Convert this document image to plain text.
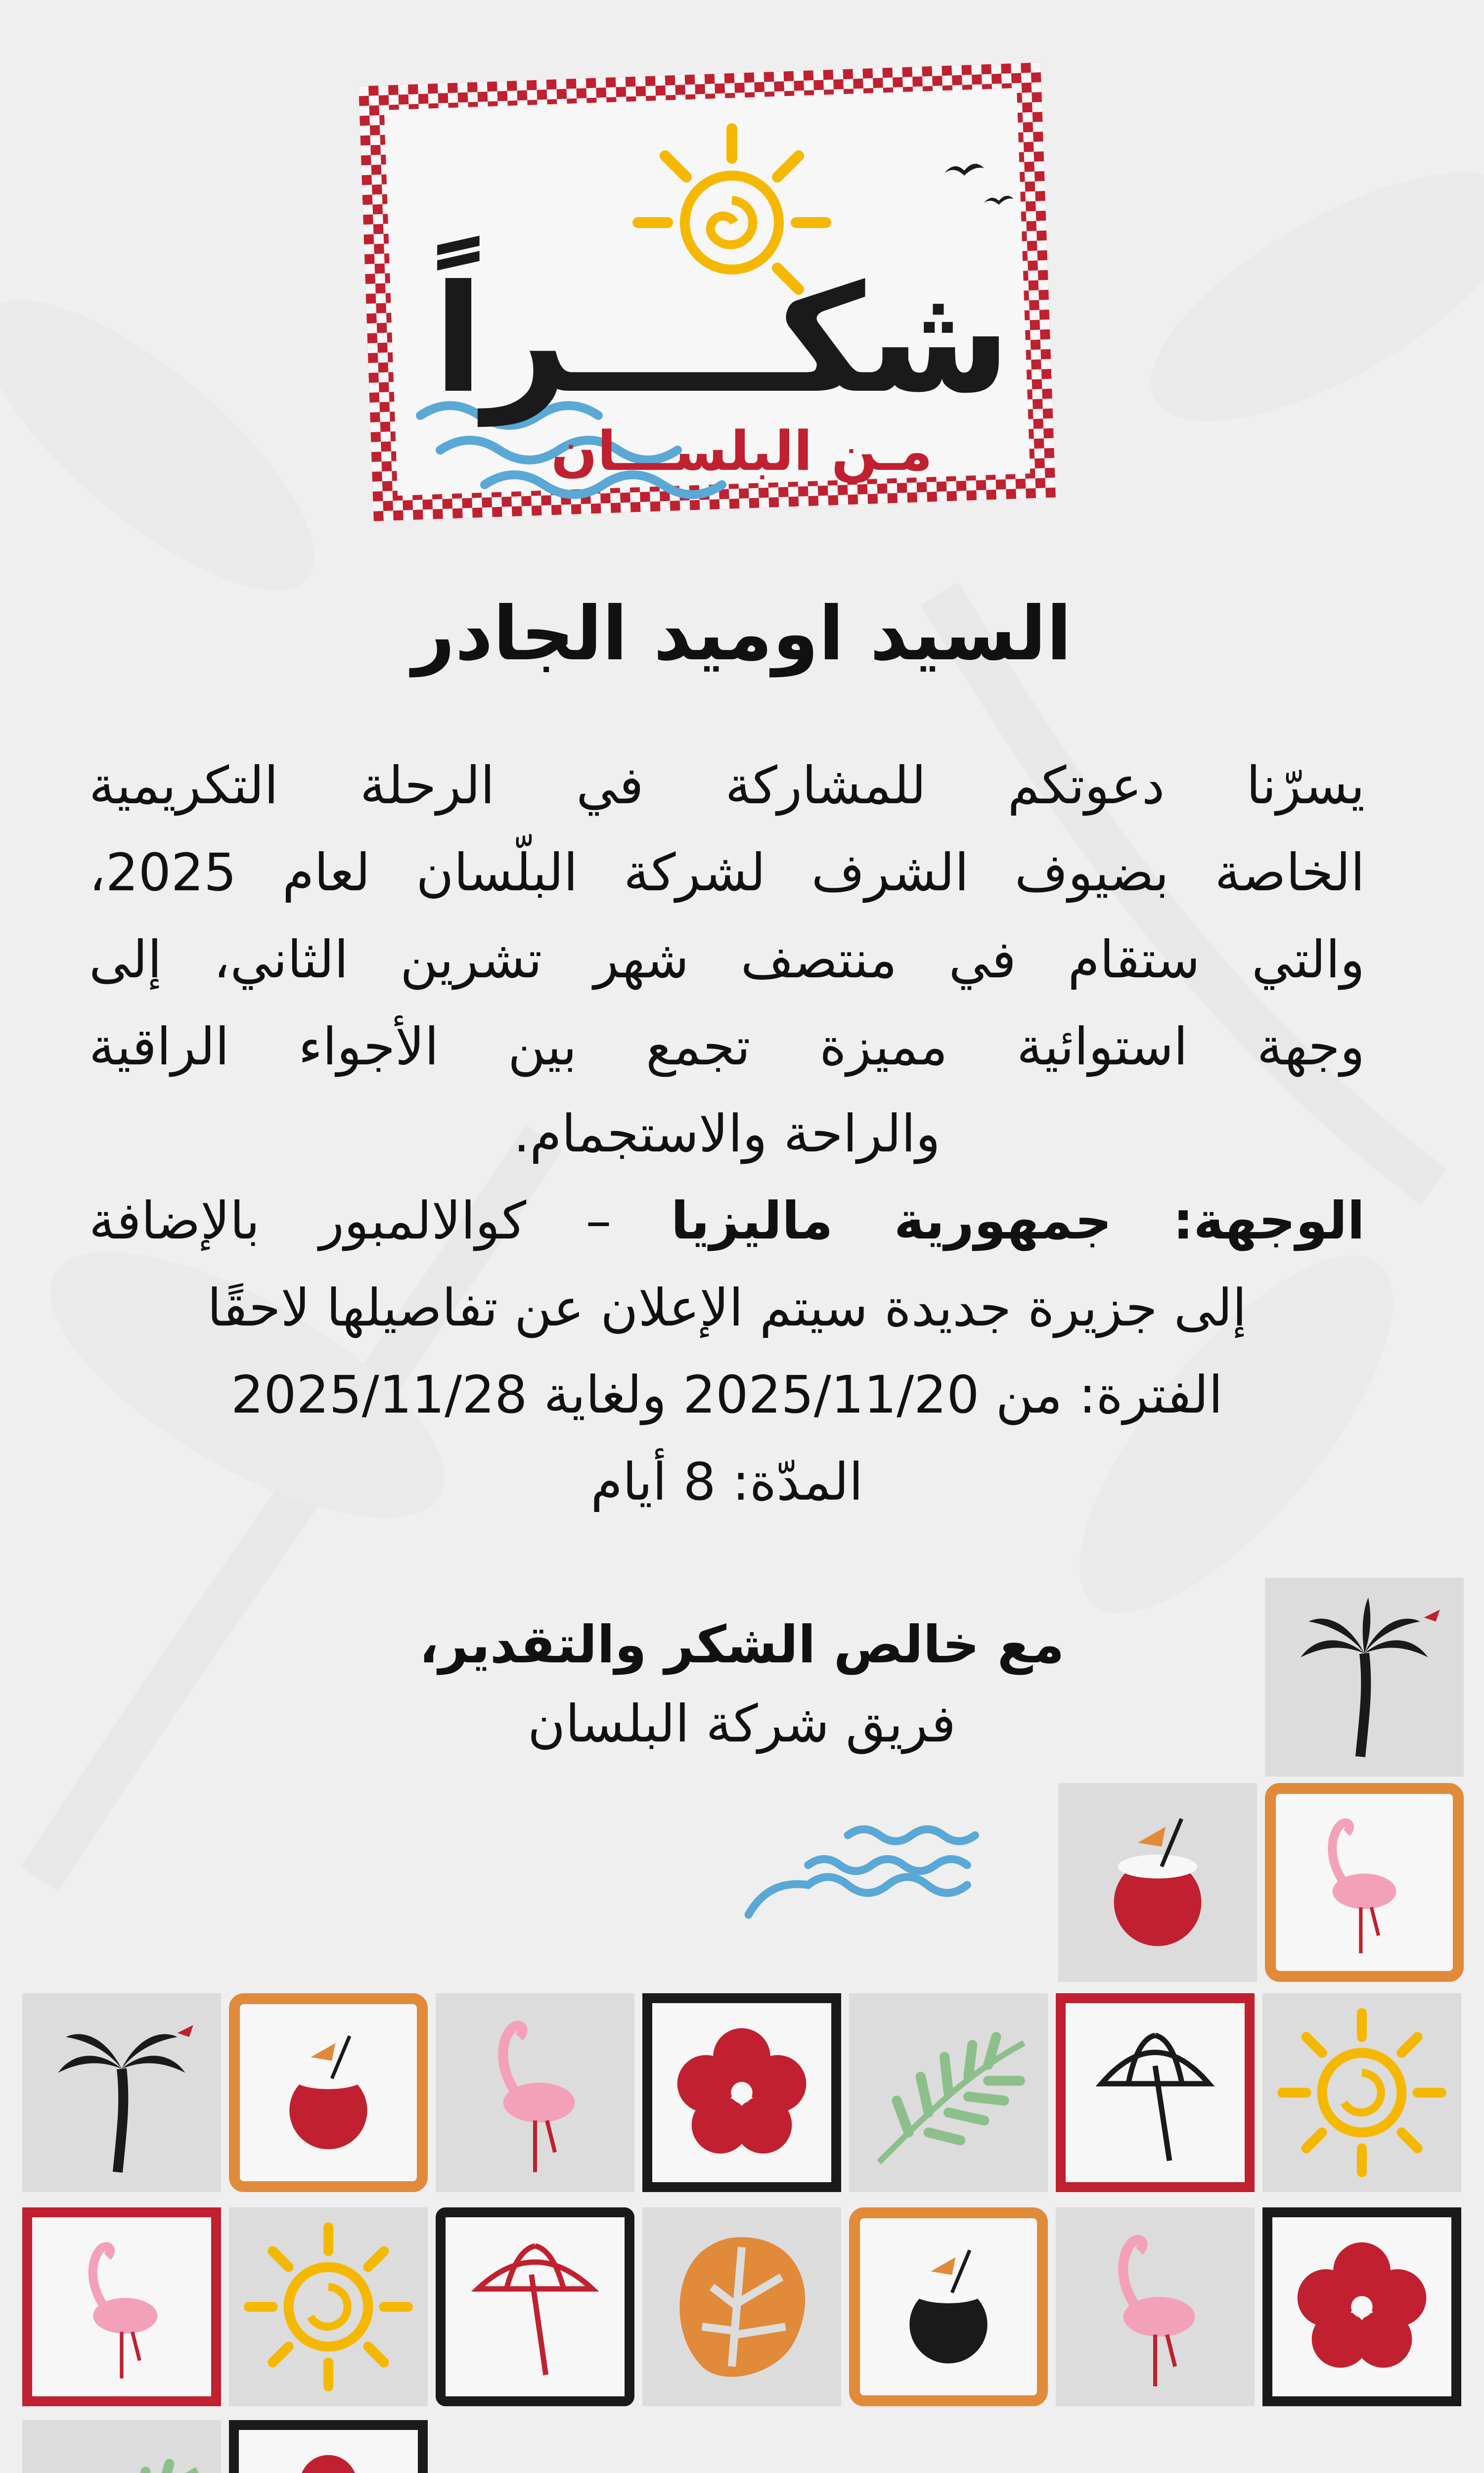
شكــــراً
مـن البلســـان
السيد اوميد الجادر
يسرّنا دعوتكم للمشاركة في الرحلة التكريمية
الخاصة بضيوف الشرف لشركة البلّسان لعام 2025،
والتي ستقام في منتصف شهر تشرين الثاني، إلى
وجهة استوائية مميزة تجمع بين الأجواء الراقية
والراحة والاستجمام.
الوجهة: جمهورية ماليزيا – كوالالمبور بالإضافة
إلى جزيرة جديدة سيتم الإعلان عن تفاصيلها لاحقًا
الفترة: من 2025/11/20 ولغاية 2025/11/28
المدّة: 8 أيام
مع خالص الشكر والتقدير،
فريق شركة البلسان
